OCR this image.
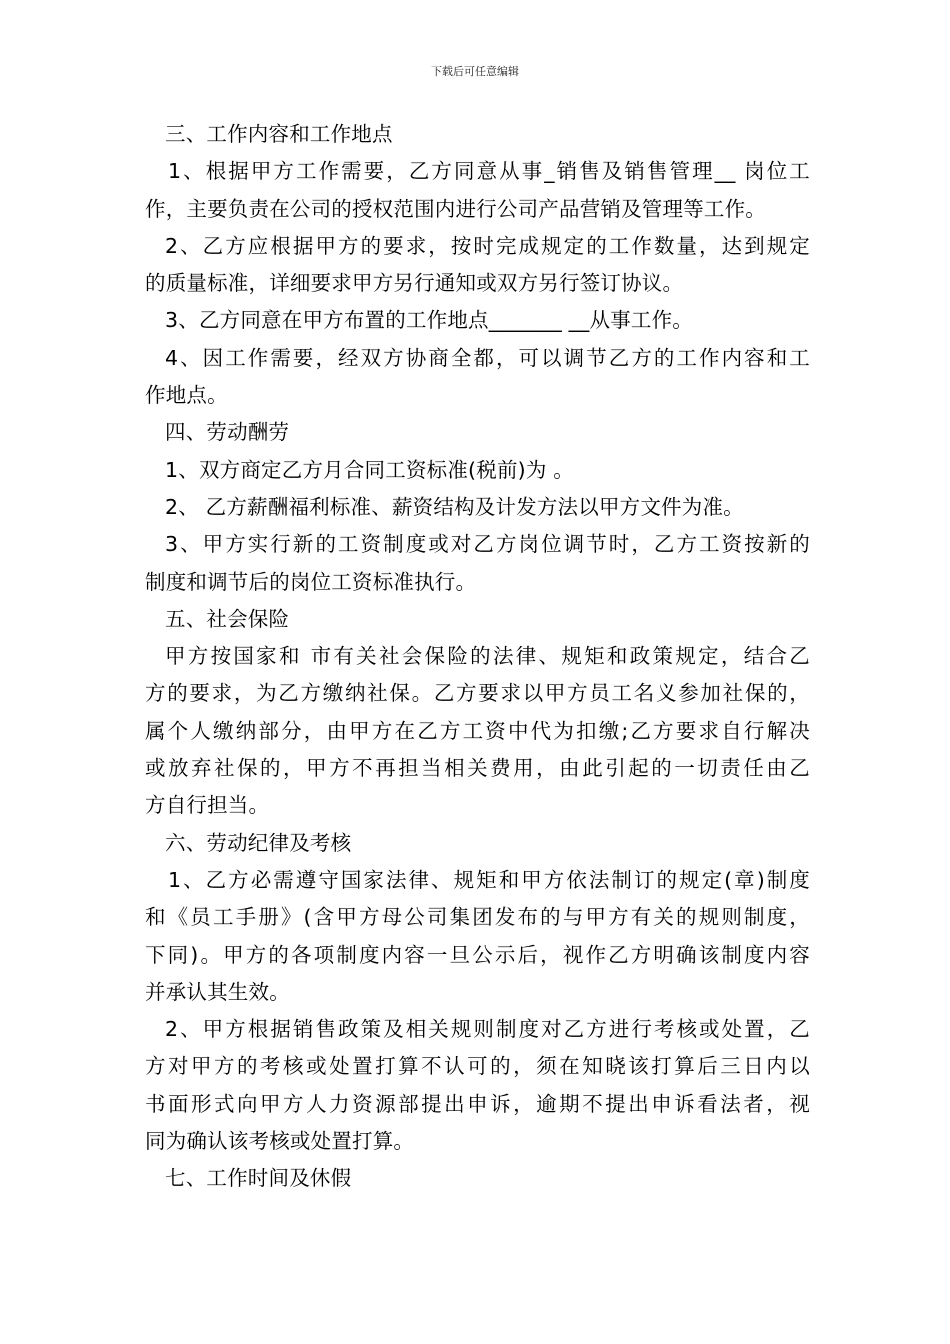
下载后可任意编辑
三、工作内容和工作地点
1、根据甲方工作需要，乙方同意从事_销售及销售管理__ 岗位工
作，主要负责在公司的授权范围内进行公司产品营销及管理等工作。
2、乙方应根据甲方的要求，按时完成规定的工作数量，达到规定
的质量标准，详细要求甲方另行通知或双方另行签订协议。
3、乙方同意在甲方布置的工作地点_______ __从事工作。
4、因工作需要，经双方协商全都，可以调节乙方的工作内容和工
作地点。
四、劳动酬劳
1、双方商定乙方月合同工资标准(税前)为 。
2、 乙方薪酬福利标准、薪资结构及计发方法以甲方文件为准。
3、甲方实行新的工资制度或对乙方岗位调节时，乙方工资按新的
制度和调节后的岗位工资标准执行。
五、社会保险
甲方按国家和 市有关社会保险的法律、规矩和政策规定，结合乙
方的要求，为乙方缴纳社保。乙方要求以甲方员工名义参加社保的，
属个人缴纳部分，由甲方在乙方工资中代为扣缴;乙方要求自行解决
或放弃社保的，甲方不再担当相关费用，由此引起的一切责任由乙
方自行担当。
六、劳动纪律及考核
1、乙方必需遵守国家法律、规矩和甲方依法制订的规定(章)制度
和《员工手册》(含甲方母公司集团发布的与甲方有关的规则制度，
下同)。甲方的各项制度内容一旦公示后，视作乙方明确该制度内容
并承认其生效。
2、甲方根据销售政策及相关规则制度对乙方进行考核或处置，乙
方对甲方的考核或处置打算不认可的，须在知晓该打算后三日内以
书面形式向甲方人力资源部提出申诉，逾期不提出申诉看法者，视
同为确认该考核或处置打算。
七、工作时间及休假
